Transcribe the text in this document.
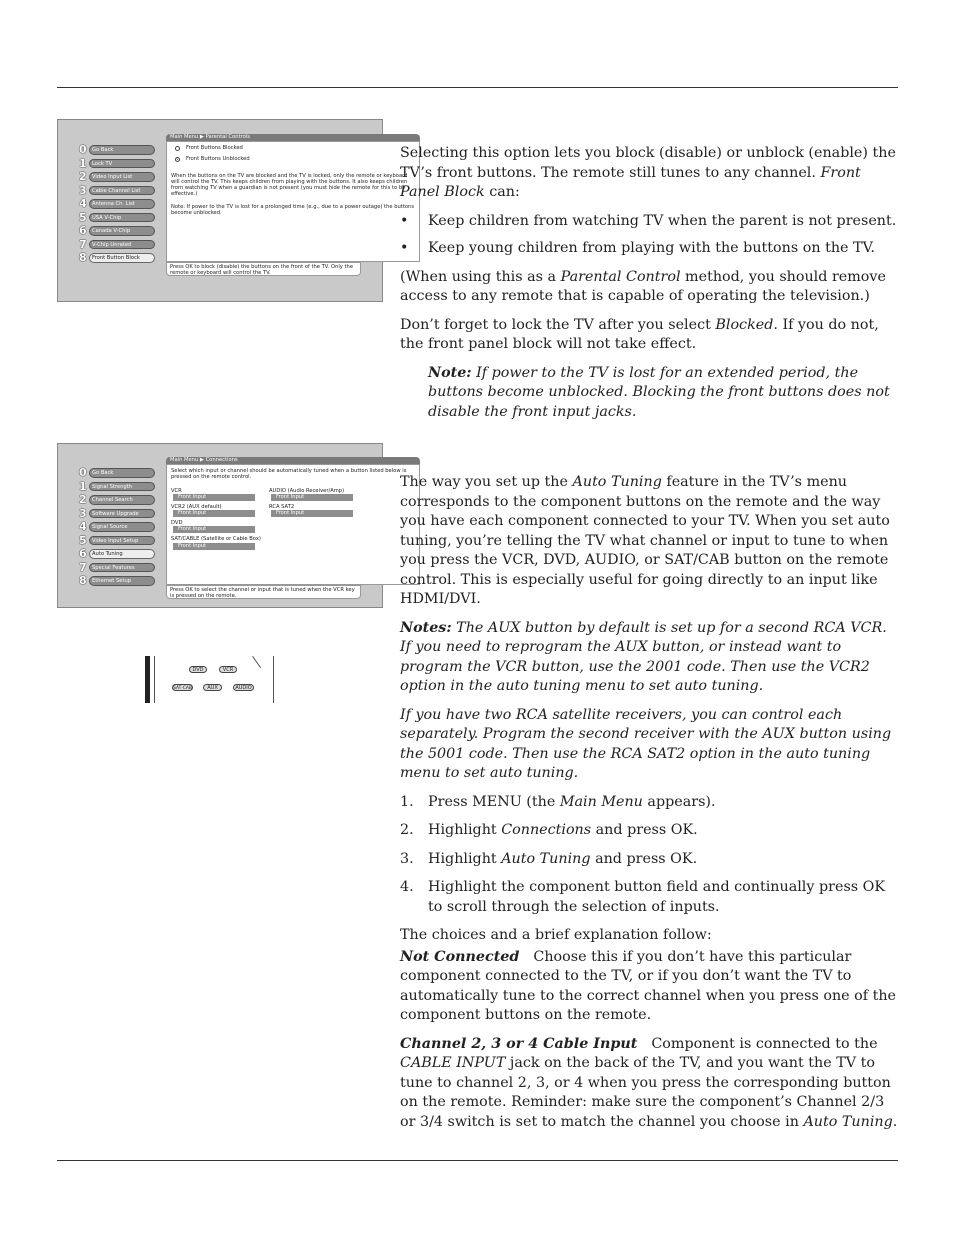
0	Go Back
1	Lock TV
2	Video Input List
3	Cable Channel List
4	Antenna Ch. List
5	USA V-Chip
6	Canada V-Chip
7	V-Chip Unrated
8	Front Button Block
Main Menu ▶ Parental Controls
Front Buttons Blocked
Front Buttons Unblocked
When the buttons on the TV are blocked and the TV is locked, only the remote or keyboard will control the TV. This keeps children from playing with the buttons. It also keeps children from watching TV when a guardian is not present (you must hide the remote for this to be effective.)
Note: If power to the TV is lost for a prolonged time (e.g., due to a power outage) the buttons become unblocked.
Press OK to block (disable) the buttons on the front of the TV. Only the remote or keyboard will control the TV.
0	Go Back
1	Signal Strength
2	Channel Search
3	Software Upgrade
4	Signal Source
5	Video Input Setup
6	Auto Tuning
7	Special Features
8	Ethernet Setup
Main Menu ▶ Connections
Select which input or channel should be automatically tuned when a button listed below is pressed on the remote control.
VCR
Front Input
AUDIO (Audio Receiver/Amp)
Front Input
VCR2 (AUX default)
Front Input
RCA SAT2
Front Input
DVD
Front Input
SAT/CABLE (Satellite or Cable Box)
Front Input
Press OK to select the channel or input that is tuned when the VCR key is pressed on the remote.
DVD	VCR
SAT·CAB	AUX	AUDIO

Selecting this option lets you block (disable) or unblock (enable) the TV’s front buttons. The remote still tunes to any channel. Front Panel Block can:

• Keep children from watching TV when the parent is not present.
• Keep young children from playing with the buttons on the TV.

(When using this as a Parental Control method, you should remove access to any remote that is capable of operating the television.)

Don’t forget to lock the TV after you select Blocked. If you do not, the front panel block will not take effect.

Note: If power to the TV is lost for an extended period, the buttons become unblocked. Blocking the front buttons does not disable the front input jacks.

The way you set up the Auto Tuning feature in the TV’s menu corresponds to the component buttons on the remote and the way you have each component connected to your TV. When you set auto tuning, you’re telling the TV what channel or input to tune to when you press the VCR, DVD, AUDIO, or SAT/CAB button on the remote control. This is especially useful for going directly to an input like HDMI/DVI.

Notes: The AUX button by default is set up for a second RCA VCR. If you need to reprogram the AUX button, or instead want to program the VCR button, use the 2001 code. Then use the VCR2 option in the auto tuning menu to set auto tuning.

If you have two RCA satellite receivers, you can control each separately. Program the second receiver with the AUX button using the 5001 code. Then use the RCA SAT2 option in the auto tuning menu to set auto tuning.

1. Press MENU (the Main Menu appears).
2. Highlight Connections and press OK.
3. Highlight Auto Tuning and press OK.
4. Highlight the component button field and continually press OK to scroll through the selection of inputs.

The choices and a brief explanation follow:

Not Connected Choose this if you don’t have this particular component connected to the TV, or if you don’t want the TV to automatically tune to the correct channel when you press one of the component buttons on the remote.

Channel 2, 3 or 4 Cable Input Component is connected to the CABLE INPUT jack on the back of the TV, and you want the TV to tune to channel 2, 3, or 4 when you press the corresponding button on the remote. Reminder: make sure the component’s Channel 2/3 or 3/4 switch is set to match the channel you choose in Auto Tuning.
